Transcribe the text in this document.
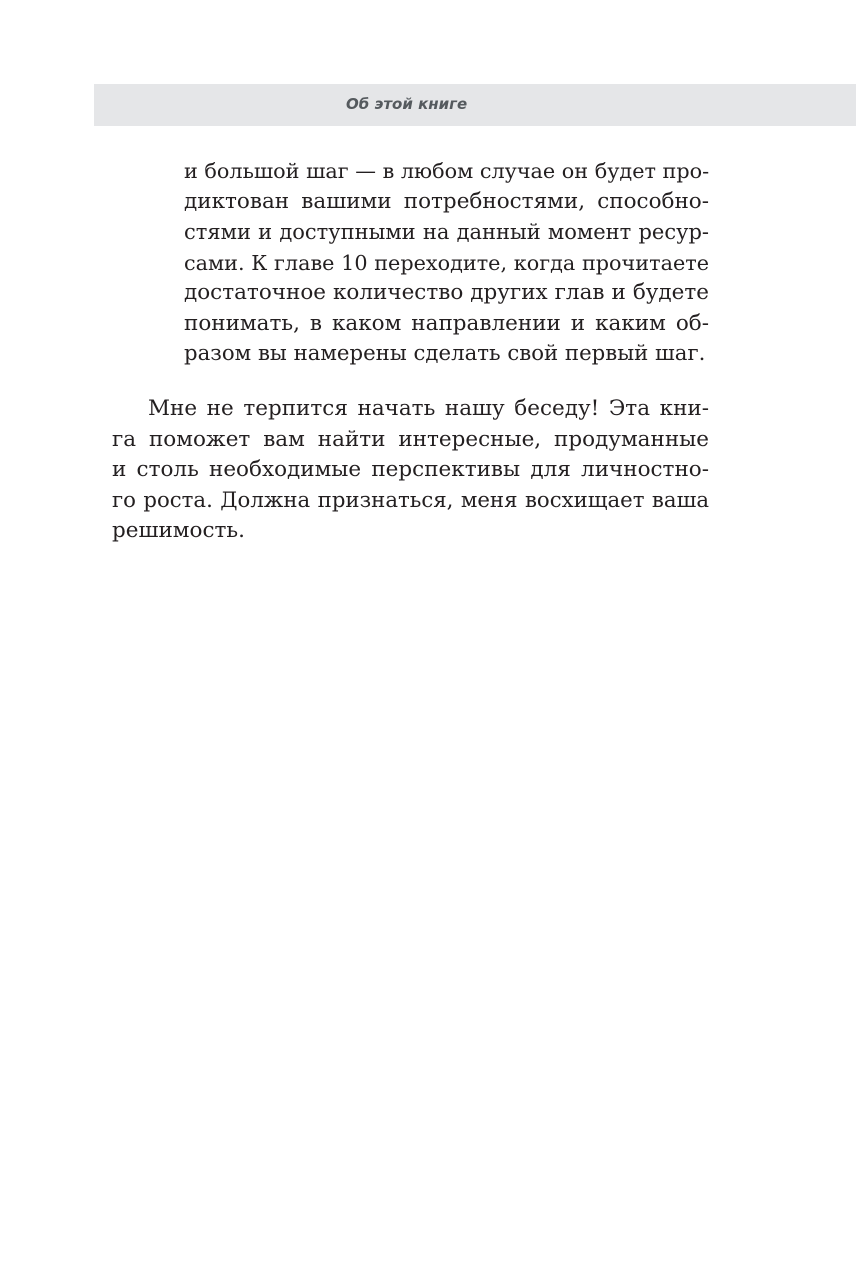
Об этой книге
и большой шаг — в любом случае он будет про-
диктован вашими потребностями, способно-
стями и доступными на данный момент ресур-
сами. К главе 10 переходите, когда прочитаете
достаточное количество других глав и будете
понимать, в каком направлении и каким об-
разом вы намерены сделать свой первый шаг.
Мне не терпится начать нашу беседу! Эта кни-
га поможет вам найти интересные, продуманные
и столь необходимые перспективы для личностно-
го роста. Должна признаться, меня восхищает ваша
решимость.
